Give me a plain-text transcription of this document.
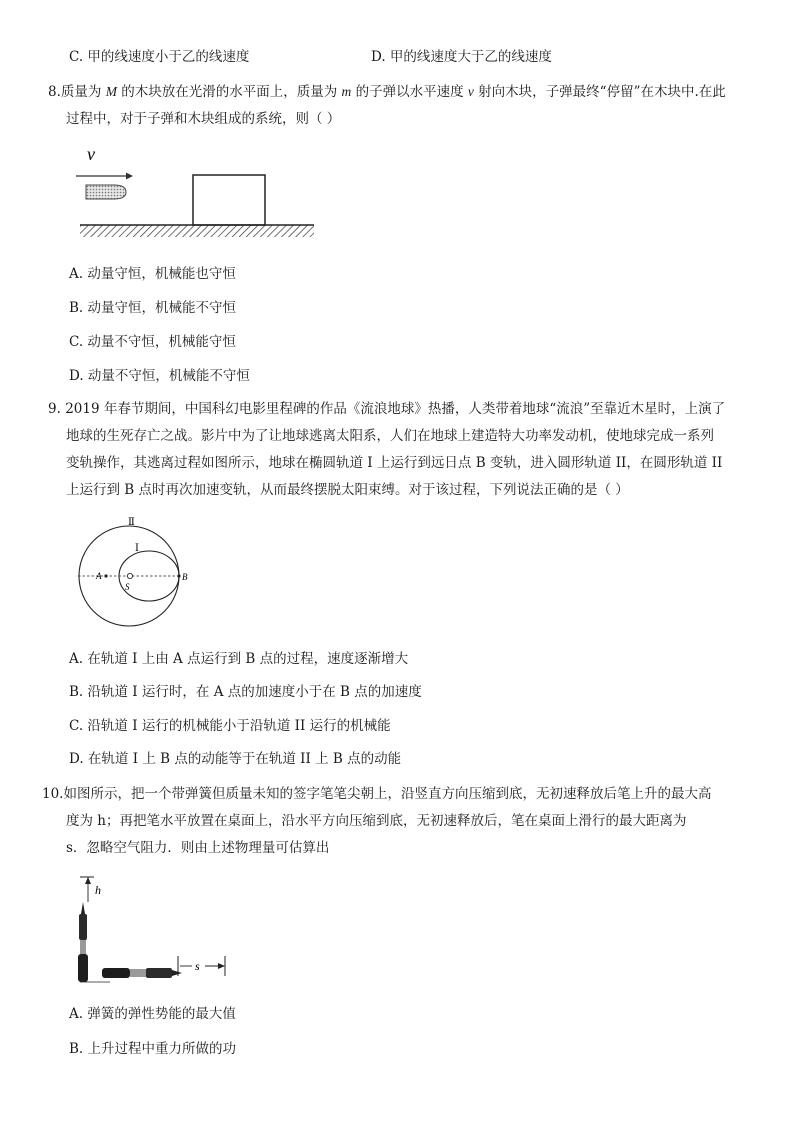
C. 甲的线速度小于乙的线速度	D. 甲的线速度大于乙的线速度
8.质量为 M 的木块放在光滑的水平面上，质量为 m 的子弹以水平速度 v 射向木块，子弹最终“停留”在木块中.在此
过程中，对于子弹和木块组成的系统，则（ ）
v
A. 动量守恒，机械能也守恒
B. 动量守恒，机械能不守恒
C. 动量不守恒，机械能守恒
D. 动量不守恒，机械能不守恒
9. 2019 年春节期间，中国科幻电影里程碑的作品《流浪地球》热播，人类带着地球“流浪”至靠近木星时，上演了
地球的生死存亡之战。影片中为了让地球逃离太阳系，人们在地球上建造特大功率发动机，使地球完成一系列
变轨操作，其逃离过程如图所示，地球在椭圆轨道 I 上运行到远日点 B 变轨，进入圆形轨道 II，在圆形轨道 II
上运行到 B 点时再次加速变轨，从而最终摆脱太阳束缚。对于该过程，下列说法正确的是（ ）
Ⅱ
Ⅰ
A	B
S
A. 在轨道 I 上由 A 点运行到 B 点的过程，速度逐渐增大
B. 沿轨道 I 运行时，在 A 点的加速度小于在 B 点的加速度
C. 沿轨道 I 运行的机械能小于沿轨道 II 运行的机械能
D. 在轨道 I 上 B 点的动能等于在轨道 II 上 B 点的动能
10.如图所示，把一个带弹簧但质量未知的签字笔笔尖朝上，沿竖直方向压缩到底，无初速释放后笔上升的最大高
度为 h；再把笔水平放置在桌面上，沿水平方向压缩到底，无初速释放后，笔在桌面上滑行的最大距离为
s．忽略空气阻力．则由上述物理量可估算出
h
s
A. 弹簧的弹性势能的最大值
B. 上升过程中重力所做的功
